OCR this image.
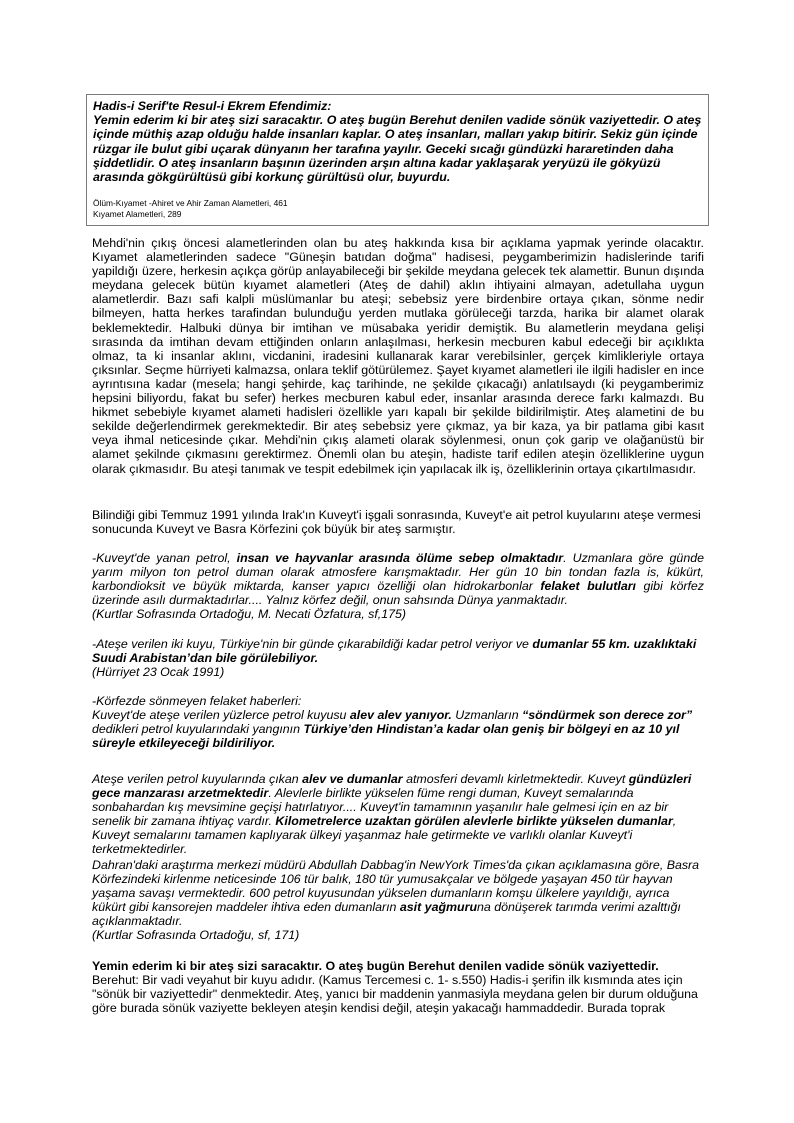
Hadis-i Serif'te Resul-i Ekrem Efendimiz:

Yemin ederim ki bir ateş sizi saracaktır. O ateş bugün Berehut denilen vadide sönük vaziyettedir. O ateş içinde müthiş azap olduğu halde insanları kaplar. O ateş insanları, malları yakıp bitirir. Sekiz gün içinde rüzgar ile bulut gibi uçarak dünyanın her tarafına yayılır. Geceki sıcağı gündüzki hararetinden daha şiddetlidir. O ateş insanların başının üzerinden arşın altına kadar yaklaşarak yeryüzü ile gökyüzü arasında gökgürültüsü gibi korkunç gürültüsü olur, buyurdu.

Ölüm-Kıyamet -Ahiret ve Ahir Zaman Alametleri, 461
Kıyamet Alametleri, 289

Mehdi'nin çıkış öncesi alametlerinden olan bu ateş hakkında kısa bir açıklama yapmak yerinde olacaktır. Kıyamet alametlerinden sadece "Güneşin batıdan doğma" hadisesi, peygamberimizin hadislerinde tarifi yapildığı üzere, herkesin açıkça görüp anlayabileceği bir şekilde meydana gelecek tek alamettir. Bunun dışında meydana gelecek bütün kıyamet alametleri (Ateş de dahil) aklın ihtiyaini almayan, adetullaha uygun alametlerdir. Bazı safi kalpli müslümanlar bu ateşi; sebebsiz yere birdenbire ortaya çıkan, sönme nedir bilmeyen, hatta herkes tarafindan bulunduğu yerden mutlaka görüleceği tarzda, harika bir alamet olarak beklemektedir. Halbuki dünya bir imtihan ve müsabaka yeridir demiştik. Bu alametlerin meydana gelişi sırasında da imtihan devam ettiğinden onların anlaşılması, herkesin mecburen kabul edeceği bir açıklıkta olmaz, ta ki insanlar aklını, vicdanini, iradesini kullanarak karar verebilsinler, gerçek kimlikleriyle ortaya çıksınlar. Seçme hürriyeti kalmazsa, onlara teklif götürülemez. Şayet kıyamet alametleri ile ilgili hadisler en ince ayrıntısına kadar (mesela; hangi şehirde, kaç tarihinde, ne şekilde çıkacağı) anlatılsaydı (ki peygamberimiz hepsini biliyordu, fakat bu sefer) herkes mecburen kabul eder, insanlar arasında derece farkı kalmazdı. Bu hikmet sebebiyle kıyamet alameti hadisleri özellikle yarı kapalı bir şekilde bildirilmiştir. Ateş alametini de bu sekilde değerlendirmek gerekmektedir. Bir ateş sebebsiz yere çıkmaz, ya bir kaza, ya bir patlama gibi kasıt veya ihmal neticesinde çıkar. Mehdi'nin çıkış alameti olarak söylenmesi, onun çok garip ve olağanüstü bir alamet şekilnde çıkmasını gerektirmez. Önemli olan bu ateşin, hadiste tarif edilen ateşin özelliklerine uygun olarak çıkmasıdır. Bu ateşi tanımak ve tespit edebilmek için yapılacak ilk iş, özelliklerinin ortaya çıkartılmasıdır.

Bilindiği gibi Temmuz 1991 yılında Irak'ın Kuveyt'i işgali sonrasında, Kuveyt'e ait petrol kuyularını ateşe vermesi sonucunda Kuveyt ve Basra Körfezini çok büyük bir ateş sarmıştır.

-Kuveyt'de yanan petrol, insan ve hayvanlar arasında ölüme sebep olmaktadır. Uzmanlara göre günde yarım milyon ton petrol duman olarak atmosfere karışmaktadır. Her gün 10 bin tondan fazla is, kükürt, karbondioksit ve büyük miktarda, kanser yapıcı özelliği olan hidrokarbonlar felaket bulutları gibi körfez üzerinde asılı durmaktadırlar.... Yalnız körfez değil, onun sahsında Dünya yanmaktadır.
(Kurtlar Sofrasında Ortadoğu, M. Necati Özfatura, sf,175)
-Ateşe verilen iki kuyu, Türkiye'nin bir günde çıkarabildiği kadar petrol veriyor ve dumanlar 55 km. uzaklıktaki Suudi Arabistan’dan bile görülebiliyor.
(Hürriyet 23 Ocak 1991)
-Körfezde sönmeyen felaket haberleri:
Kuveyt'de ateşe verilen yüzlerce petrol kuyusu alev alev yanıyor. Uzmanların “söndürmek son derece zor” dedikleri petrol kuyularındaki yangının Türkiye’den Hindistan’a kadar olan geniş bir bölgeyi en az 10 yıl süreyle etkileyeceği bildiriliyor.
Ateşe verilen petrol kuyularında çıkan alev ve dumanlar atmosferi devamlı kirletmektedir. Kuveyt gündüzleri gece manzarası arzetmektedir. Alevlerle birlikte yükselen füme rengi duman, Kuveyt semalarında sonbahardan kış mevsimine geçişi hatırlatıyor.... Kuveyt'in tamamının yaşanılır hale gelmesi için en az bir senelik bir zamana ihtiyaç vardır. Kilometrelerce uzaktan görülen alevlerle birlikte yükselen dumanlar, Kuveyt semalarını tamamen kaplıyarak ülkeyi yaşanmaz hale getirmekte ve varlıklı olanlar Kuveyt'i terketmektedirler.
Dahran'daki araştırma merkezi müdürü Abdullah Dabbag'in NewYork Times'da çıkan açıklamasına göre, Basra Körfezindeki kirlenme neticesinde 106 tür balık, 180 tür yumusakçalar ve bölgede yaşayan 450 tür hayvan yaşama savaşı vermektedir. 600 petrol kuyusundan yükselen dumanların komşu ülkelere yayıldığı, ayrıca kükürt gibi kansorejen maddeler ihtiva eden dumanların asit yağmuruna dönüşerek tarımda verimi azalttığı açıklanmaktadır.
(Kurtlar Sofrasında Ortadoğu, sf, 171)
Yemin ederim ki bir ateş sizi saracaktır. O ateş bugün Berehut denilen vadide sönük vaziyettedir.
Berehut: Bir vadi veyahut bir kuyu adıdır. (Kamus Tercemesi c. 1- s.550) Hadis-i şerifin ilk kısmında ates için "sönük bir vaziyettedir" denmektedir. Ateş, yanıcı bir maddenin yanmasiyla meydana gelen bir durum olduğuna göre burada sönük vaziyette bekleyen ateşin kendisi değil, ateşin yakacağı hammaddedir. Burada toprak
